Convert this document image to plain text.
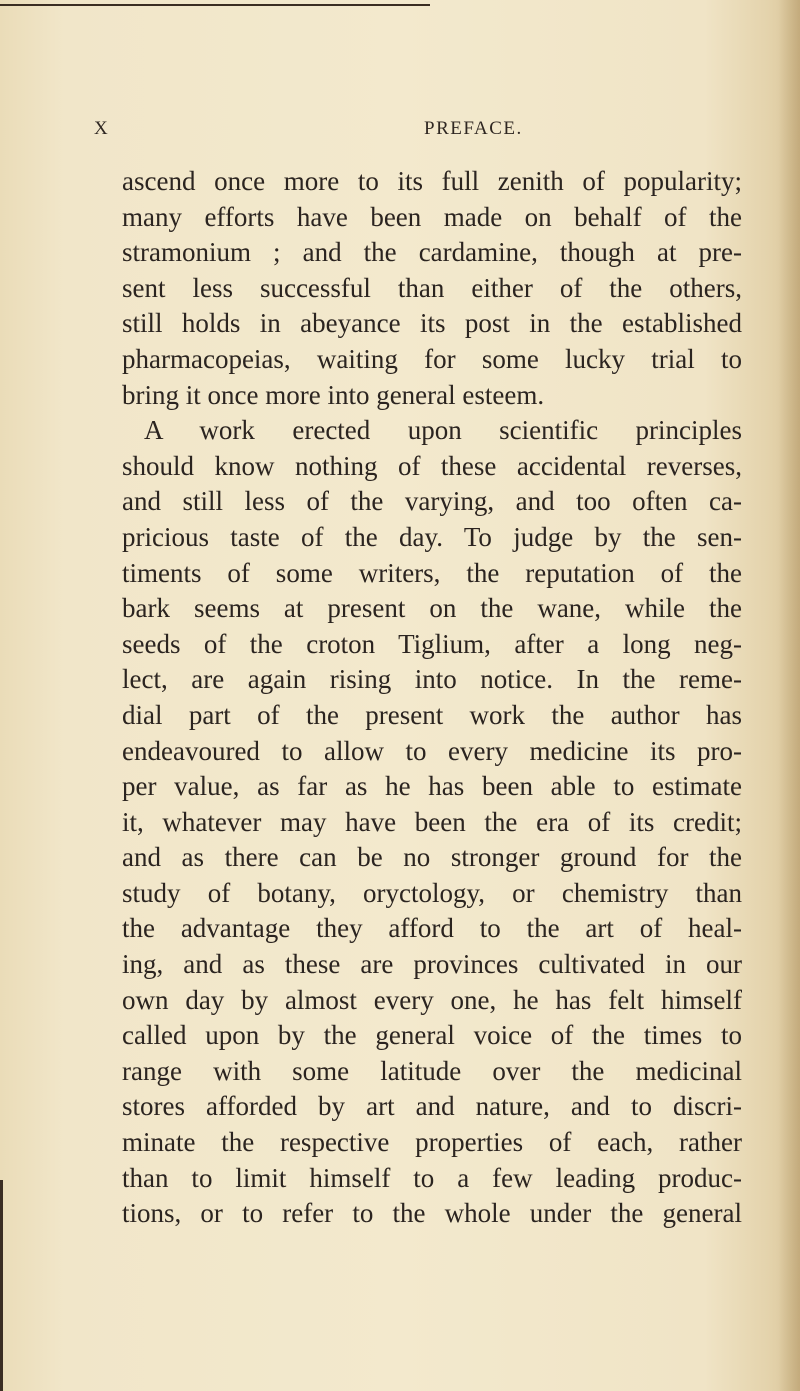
X	PREFACE.
ascend once more to its full zenith of popularity;
many efforts have been made on behalf of the
stramonium ; and the cardamine, though at pre-
sent less successful than either of the others,
still holds in abeyance its post in the established
pharmacopeias, waiting for some lucky trial to
bring it once more into general esteem.
A work erected upon scientific principles
should know nothing of these accidental reverses,
and still less of the varying, and too often ca-
pricious taste of the day. To judge by the sen-
timents of some writers, the reputation of the
bark seems at present on the wane, while the
seeds of the croton Tiglium, after a long neg-
lect, are again rising into notice. In the reme-
dial part of the present work the author has
endeavoured to allow to every medicine its pro-
per value, as far as he has been able to estimate
it, whatever may have been the era of its credit;
and as there can be no stronger ground for the
study of botany, oryctology, or chemistry than
the advantage they afford to the art of heal-
ing, and as these are provinces cultivated in our
own day by almost every one, he has felt himself
called upon by the general voice of the times to
range with some latitude over the medicinal
stores afforded by art and nature, and to discri-
minate the respective properties of each, rather
than to limit himself to a few leading produc-
tions, or to refer to the whole under the general
